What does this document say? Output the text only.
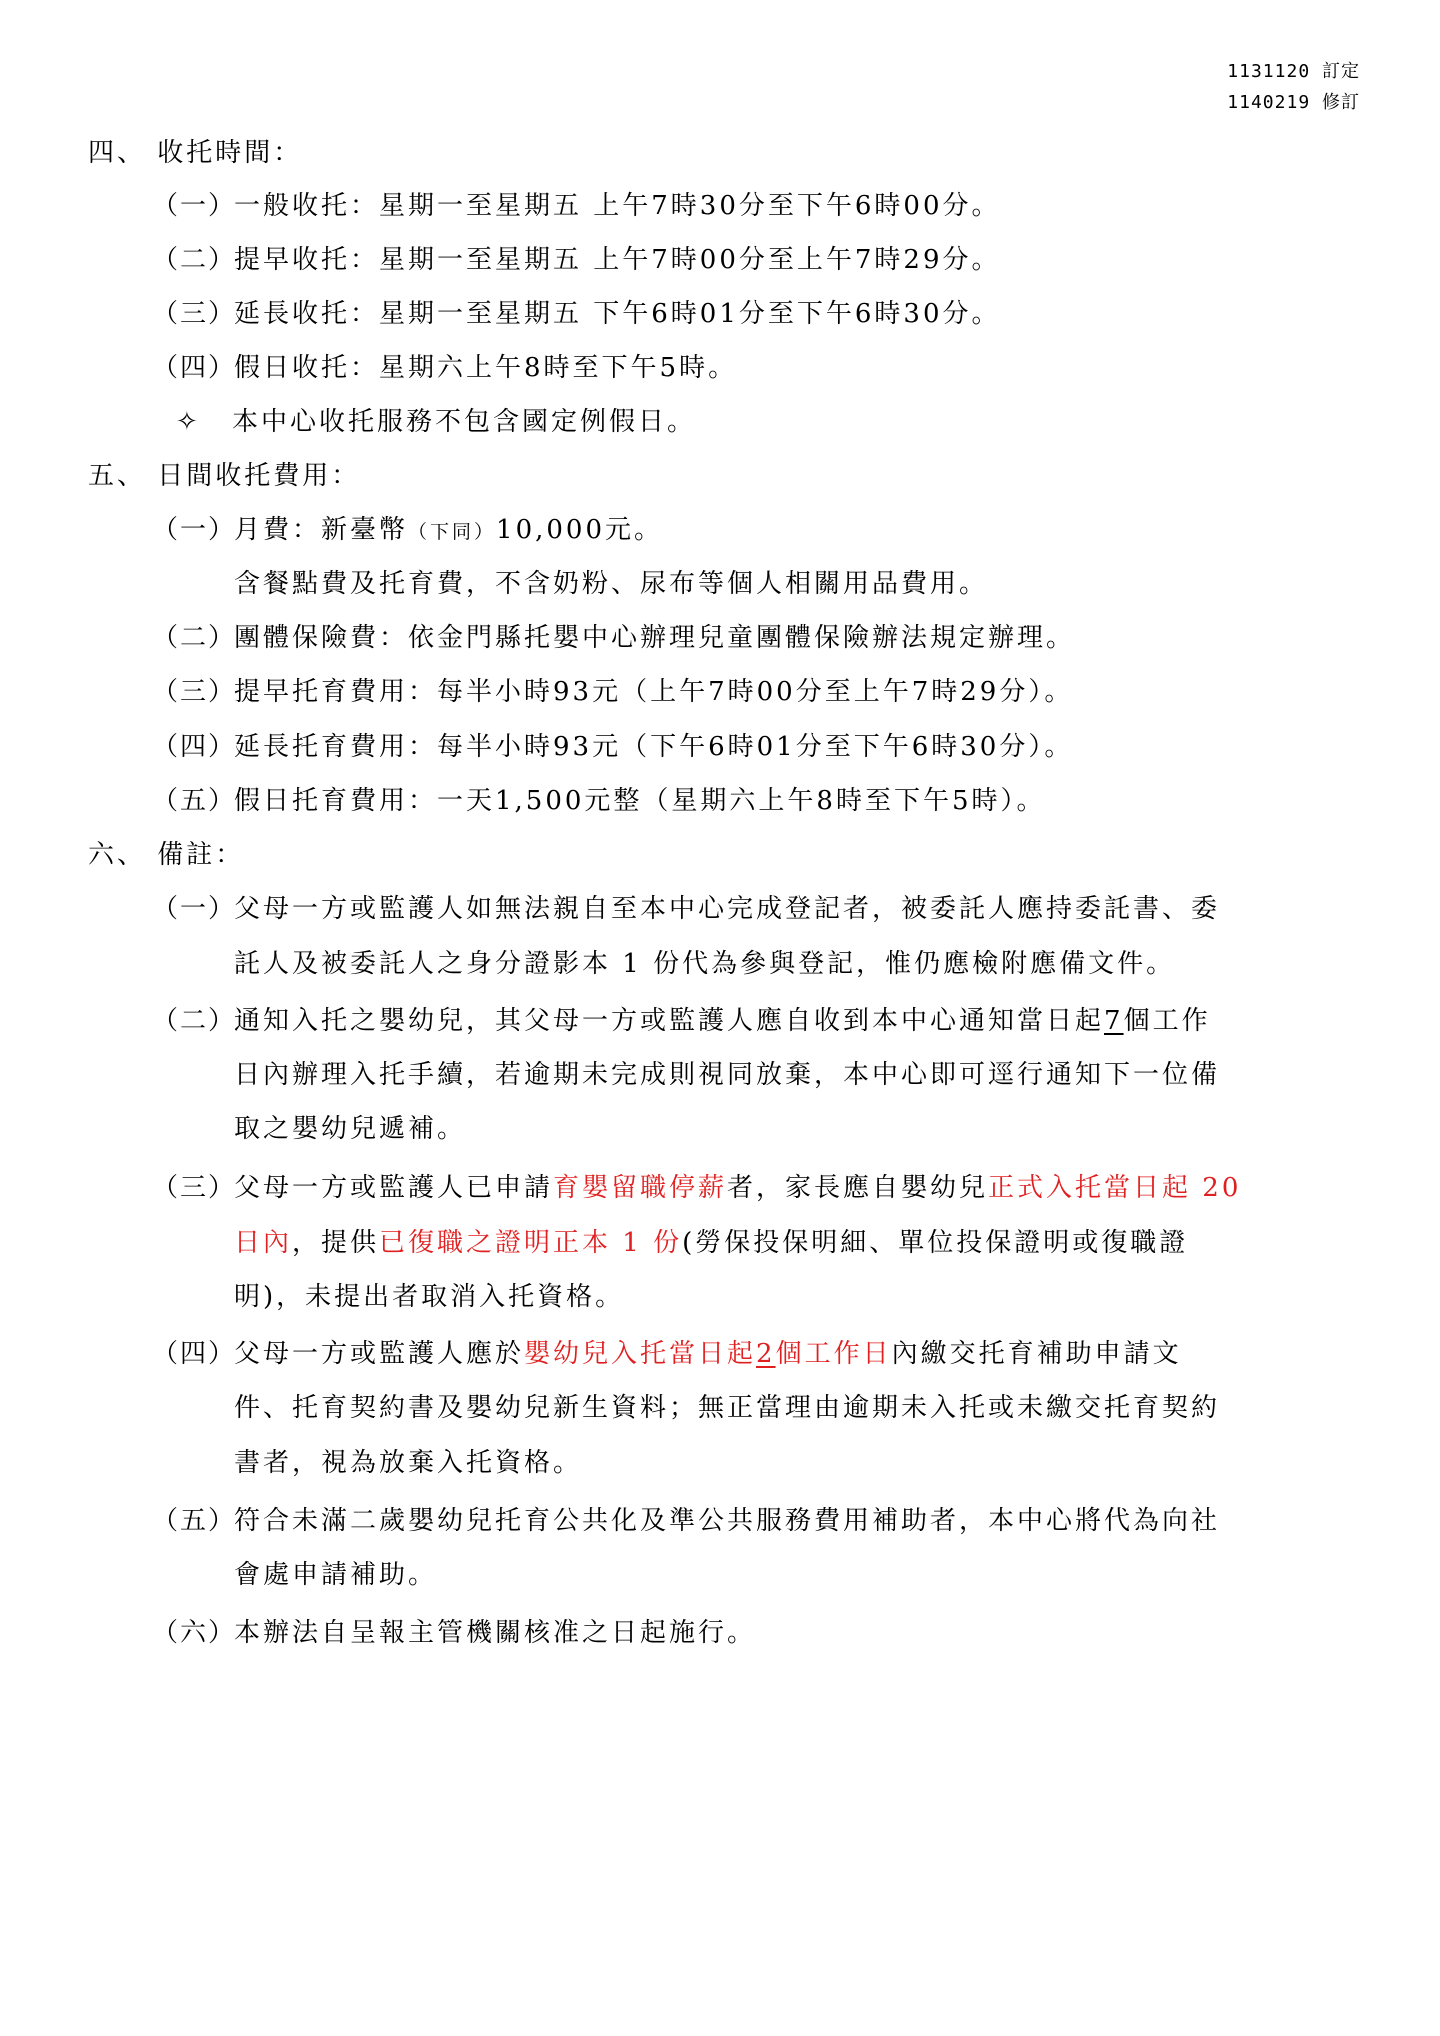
1131120 訂定
1140219 修訂
四、 收托時間：
（一）一般收托：星期一至星期五 上午7時30分至下午6時00分。
（二）提早收托：星期一至星期五 上午7時00分至上午7時29分。
（三）延長收托：星期一至星期五 下午6時01分至下午6時30分。
（四）假日收托：星期六上午8時至下午5時。
✧ 本中心收托服務不包含國定例假日。
五、 日間收托費用：
（一）月費：新臺幣（下同）10,000元。
含餐點費及托育費，不含奶粉、尿布等個人相關用品費用。
（二）團體保險費：依金門縣托嬰中心辦理兒童團體保險辦法規定辦理。
（三）提早托育費用：每半小時93元（上午7時00分至上午7時29分）。
（四）延長托育費用：每半小時93元（下午6時01分至下午6時30分）。
（五）假日托育費用：一天1,500元整（星期六上午8時至下午5時）。
六、 備註：
（一）父母一方或監護人如無法親自至本中心完成登記者，被委託人應持委託書、委
託人及被委託人之身分證影本 1 份代為參與登記，惟仍應檢附應備文件。
（二）通知入托之嬰幼兒，其父母一方或監護人應自收到本中心通知當日起7個工作
日內辦理入托手續，若逾期未完成則視同放棄，本中心即可逕行通知下一位備
取之嬰幼兒遞補。
（三）父母一方或監護人已申請育嬰留職停薪者，家長應自嬰幼兒正式入托當日起 20
日內，提供已復職之證明正本 1 份(勞保投保明細、單位投保證明或復職證
明)，未提出者取消入托資格。
（四）父母一方或監護人應於嬰幼兒入托當日起2個工作日內繳交托育補助申請文
件、托育契約書及嬰幼兒新生資料；無正當理由逾期未入托或未繳交托育契約
書者，視為放棄入托資格。
（五）符合未滿二歲嬰幼兒托育公共化及準公共服務費用補助者，本中心將代為向社
會處申請補助。
（六）本辦法自呈報主管機關核准之日起施行。
